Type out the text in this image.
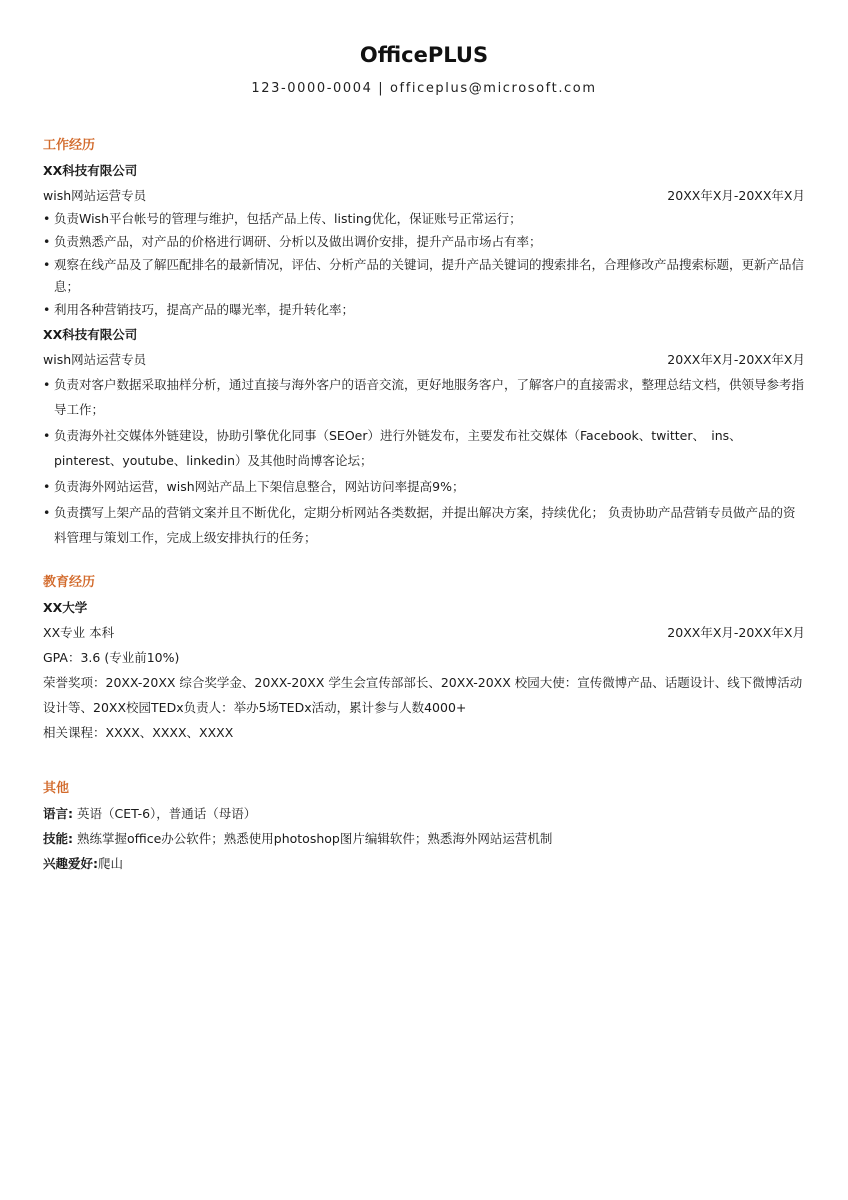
OfficePLUS
123-0000-0004 | officeplus@microsoft.com
工作经历
XX科技有限公司
wish网站运营专员	20XX年X月-20XX年X月
• 负责Wish平台帐号的管理与维护，包括产品上传、listing优化，保证账号正常运行；
• 负责熟悉产品，对产品的价格进行调研、分析以及做出调价安排，提升产品市场占有率；
• 观察在线产品及了解匹配排名的最新情况，评估、分析产品的关键词，提升产品关键词的搜索排名，合理修改产品搜索标题，更新产品信息；
• 利用各种营销技巧，提高产品的曝光率，提升转化率；
XX科技有限公司
wish网站运营专员	20XX年X月-20XX年X月
• 负责对客户数据采取抽样分析，通过直接与海外客户的语音交流，更好地服务客户，了解客户的直接需求，整理总结文档，供领导参考指导工作；
• 负责海外社交媒体外链建设，协助引擎优化同事（SEOer）进行外链发布，主要发布社交媒体（Facebook、twitter、　ins、pinterest、youtube、linkedin）及其他时尚博客论坛；
• 负责海外网站运营，wish网站产品上下架信息整合，网站访问率提高9%；
• 负责撰写上架产品的营销文案并且不断优化，定期分析网站各类数据，并提出解决方案，持续优化； 负责协助产品营销专员做产品的资料管理与策划工作，完成上级安排执行的任务；
教育经历
XX大学
XX专业 本科	20XX年X月-20XX年X月
GPA：3.6 (专业前10%)
荣誉奖项：20XX-20XX 综合奖学金、20XX-20XX 学生会宣传部部长、20XX-20XX 校园大使：宣传微博产品、话题设计、线下微博活动设计等、20XX校园TEDx负责人：举办5场TEDx活动，累计参与人数4000+
相关课程：XXXX、XXXX、XXXX
其他
语言: 英语（CET-6），普通话（母语）
技能: 熟练掌握office办公软件；熟悉使用photoshop图片编辑软件；熟悉海外网站运营机制
兴趣爱好:爬山
